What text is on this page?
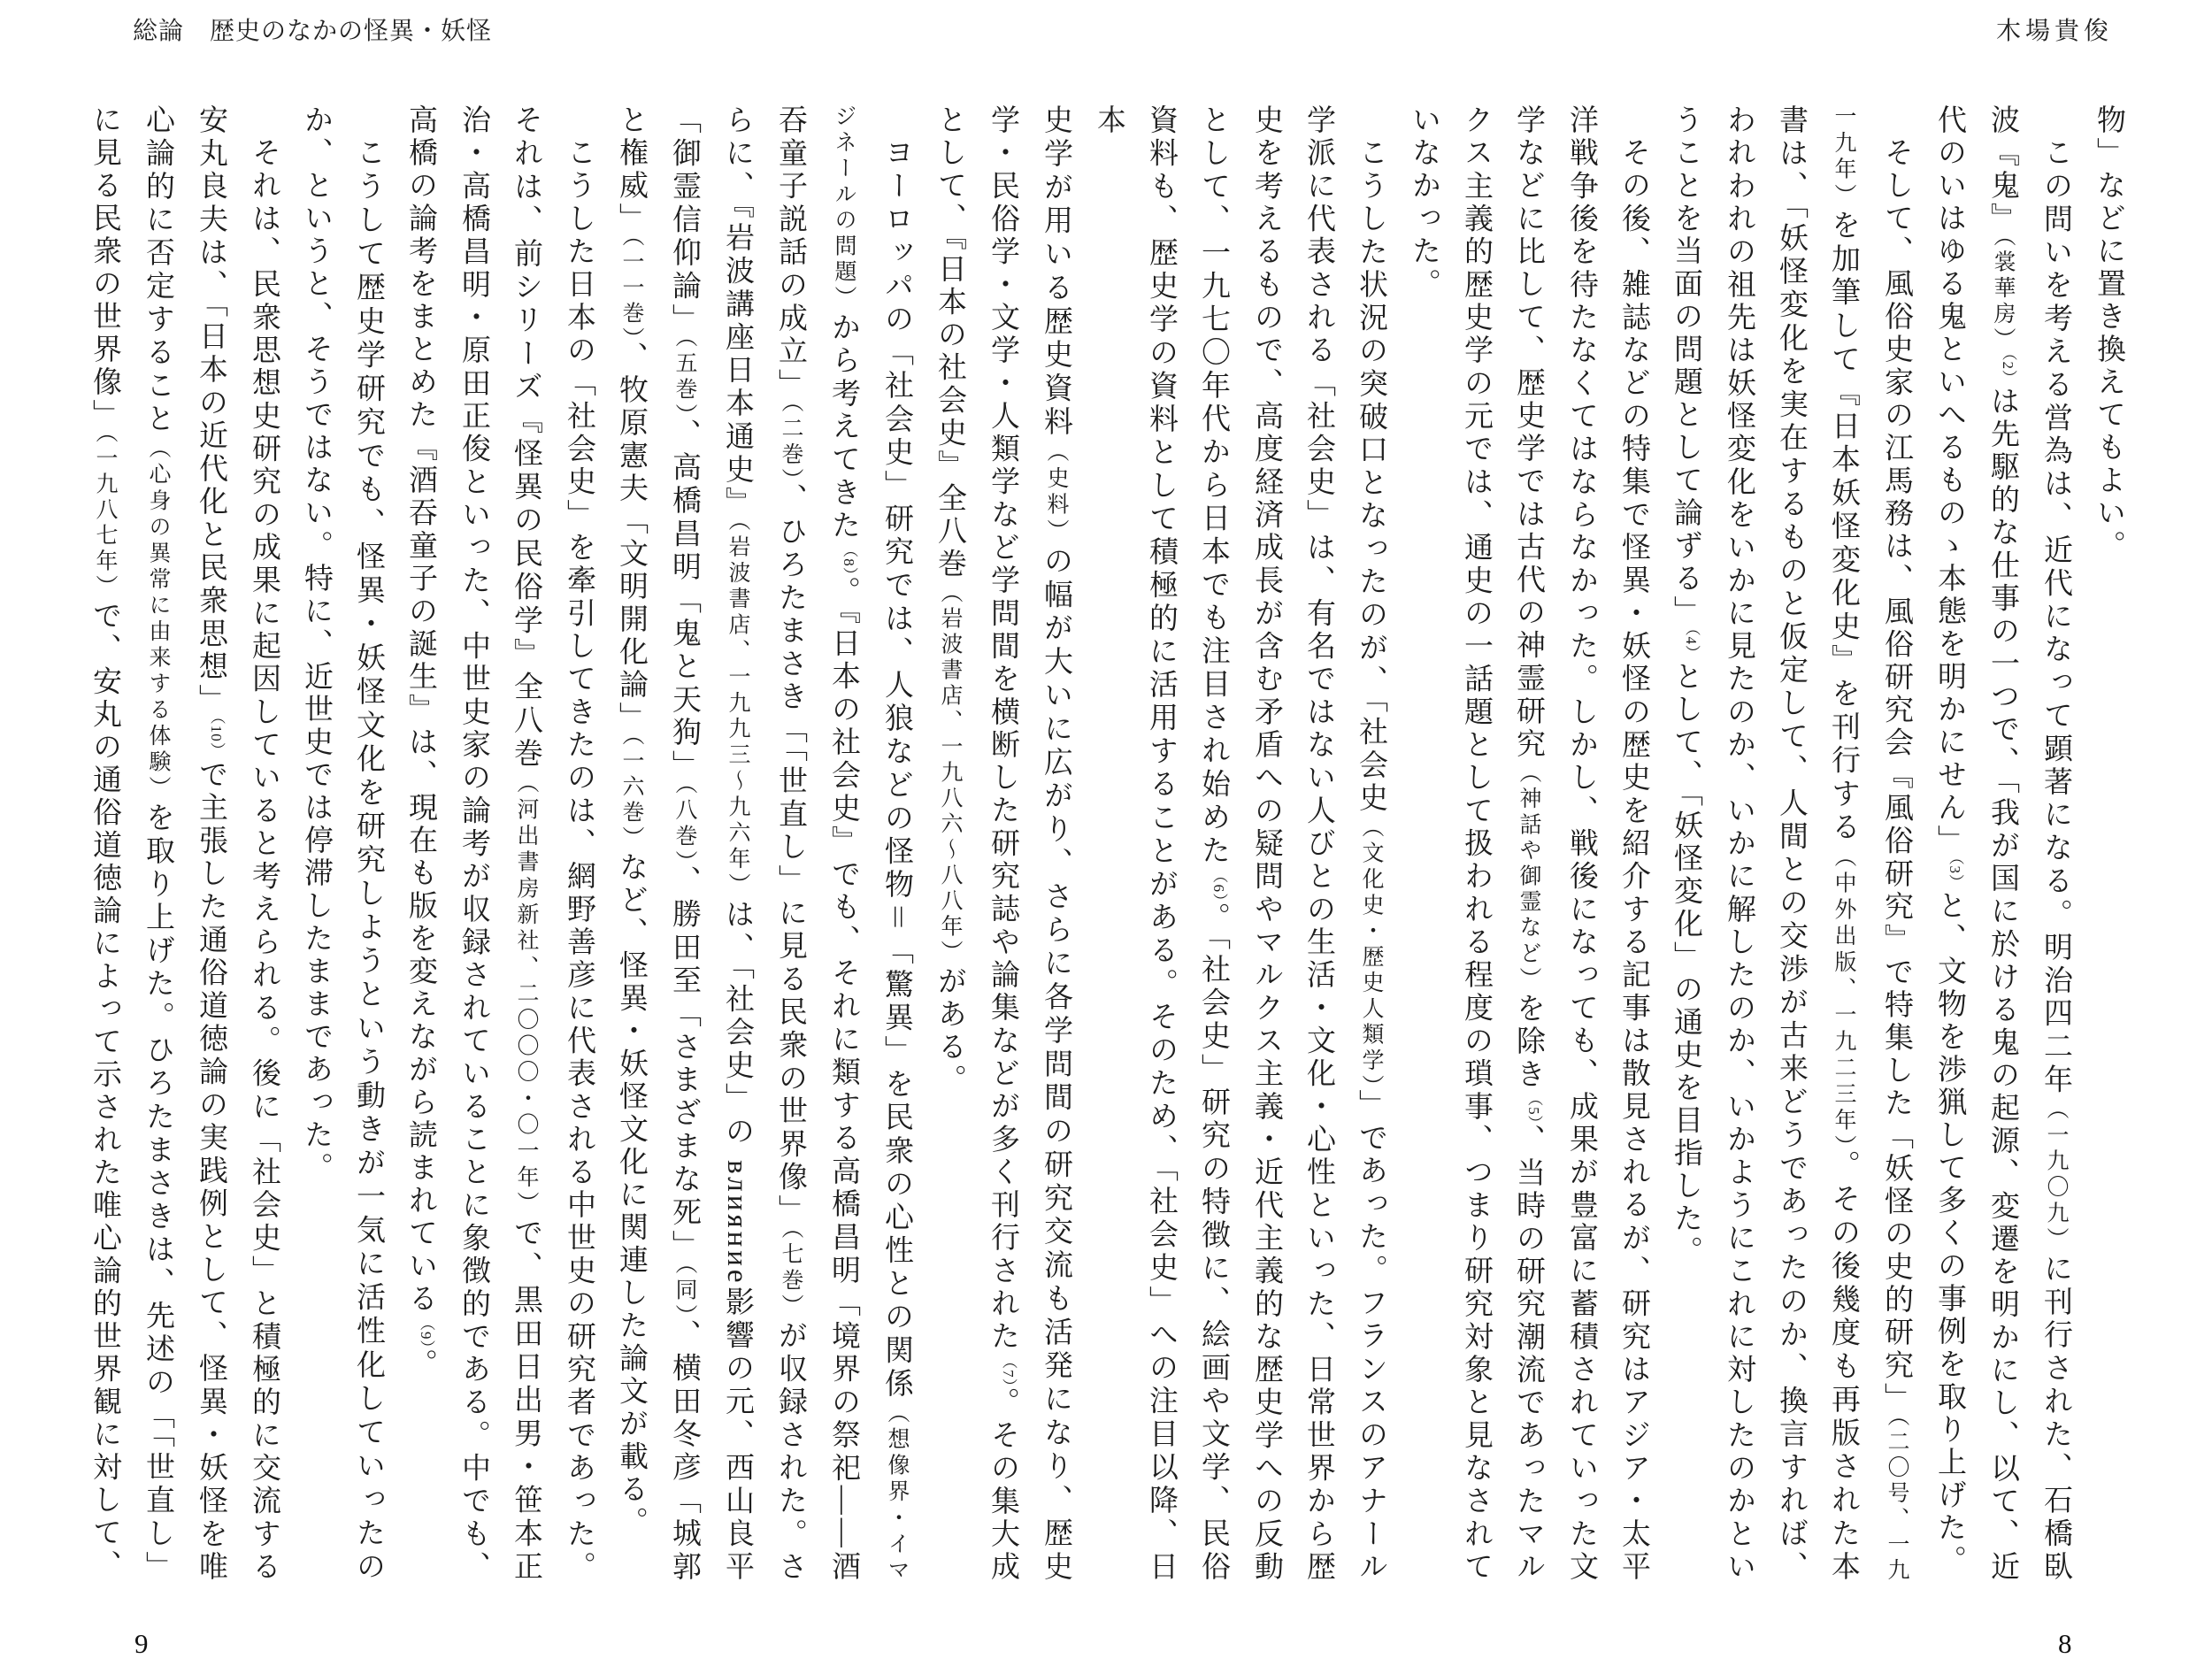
総論　歴史のなかの怪異・妖怪	木場貴俊

物」などに置き換えてもよい。

この問いを考える営為は、近代になって顕著になる。明治四二年（一九〇九）に刊行された、石橋臥波『鬼』（裳華房）（2）は先駆的な仕事の一つで、「我が国に於ける鬼の起源、変遷を明かにし、以て、近代のいはゆる鬼といへるものゝ本態を明かにせん」（3）と、文物を渉猟して多くの事例を取り上げた。

そして、風俗史家の江馬務は、風俗研究会『風俗研究』で特集した「妖怪の史的研究」（二〇号、一九一九年）を加筆して『日本妖怪変化史』を刊行する（中外出版、一九二三年）。その後幾度も再版された本書は、「妖怪変化を実在するものと仮定して、人間との交渉が古来どうであったのか、換言すれば、われわれの祖先は妖怪変化をいかに見たのか、いかに解したのか、いかようにこれに対したのかということを当面の問題として論ずる」（4）として、「妖怪変化」の通史を目指した。

その後、雑誌などの特集で怪異・妖怪の歴史を紹介する記事は散見されるが、研究はアジア・太平洋戦争後を待たなくてはならなかった。しかし、戦後になっても、成果が豊富に蓄積されていった文学などに比して、歴史学では古代の神霊研究（神話や御霊など）を除き（5）、当時の研究潮流であったマルクス主義的歴史学の元では、通史の一話題として扱われる程度の瑣事、つまり研究対象と見なされていなかった。

こうした状況の突破口となったのが、「社会史（文化史・歴史人類学）」であった。フランスのアナール学派に代表される「社会史」は、有名ではない人びとの生活・文化・心性といった、日常世界から歴史を考えるもので、高度経済成長が含む矛盾への疑問やマルクス主義・近代主義的な歴史学への反動として、一九七〇年代から日本でも注目され始めた（6）。「社会史」研究の特徴に、絵画や文学、民俗資料も、歴史学の資料として積極的に活用することがある。そのため、「社会史」への注目以降、日本

史学が用いる歴史資料（史料）の幅が大いに広がり、さらに各学問間の研究交流も活発になり、歴史学・民俗学・文学・人類学など学問間を横断した研究誌や論集などが多く刊行された（7）。その集大成として、『日本の社会史』全八巻（岩波書店、一九八六〜八八年）がある。

ヨーロッパの「社会史」研究では、人狼などの怪物＝「驚異」を民衆の心性との関係（想像界・イマジネールの問題）から考えてきた（8）。『日本の社会史』でも、それに類する高橋昌明「境界の祭祀――酒吞童子説話の成立」（二巻）、ひろたまさき「「世直し」に見る民衆の世界像」（七巻）が収録された。さらに、『岩波講座日本通史』（岩波書店、一九九三〜九六年）は、「社会史」の влияние影響の元、西山良平「御霊信仰論」（五巻）、高橋昌明「鬼と天狗」（八巻）、勝田至「さまざまな死」（同）、横田冬彦「城郭と権威」（一一巻）、牧原憲夫「文明開化論」（一六巻）など、怪異・妖怪文化に関連した論文が載る。

こうした日本の「社会史」を牽引してきたのは、網野善彦に代表される中世史の研究者であった。それは、前シリーズ『怪異の民俗学』全八巻（河出書房新社、二〇〇〇・〇一年）で、黒田日出男・笹本正治・高橋昌明・原田正俊といった、中世史家の論考が収録されていることに象徴的である。中でも、高橋の論考をまとめた『酒吞童子の誕生』は、現在も版を変えながら読まれている（9）。

こうして歴史学研究でも、怪異・妖怪文化を研究しようという動きが一気に活性化していったのか、というと、そうではない。特に、近世史では停滞したままであった。

それは、民衆思想史研究の成果に起因していると考えられる。後に「社会史」と積極的に交流する安丸良夫は、「日本の近代化と民衆思想」（10）で主張した通俗道徳論の実践例として、怪異・妖怪を唯心論的に否定すること（心身の異常に由来する体験）を取り上げた。ひろたまさきは、先述の「「世直し」に見る民衆の世界像」（一九八七年）で、安丸の通俗道徳論によって示された唯心論的世界観に対して、

9	8
